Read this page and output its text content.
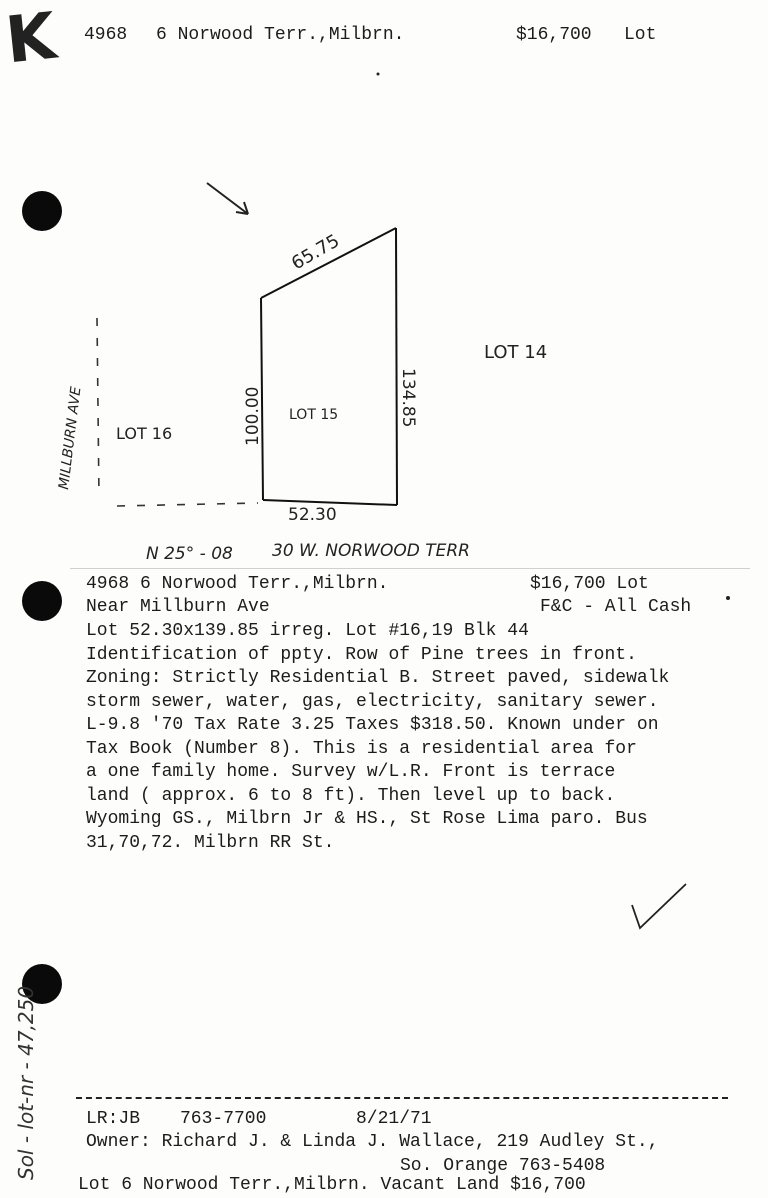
K 4968 6 Norwood Terr.,Milbrn.	$16,700 Lot
65.75
100.00	134.85
52.30
LOT 15
LOT 16
LOT 14
MILLBURN AVE
N 25° - 08 30 W. NORWOOD TERR
4968 6 Norwood Terr.,Milbrn.	$16,700 Lot
Near Millburn Ave	F&C - All Cash
Lot 52.30x139.85 irreg. Lot #16,19 Blk 44
Identification of ppty. Row of Pine trees in front.
Zoning: Strictly Residential B. Street paved, sidewalk
storm sewer, water, gas, electricity, sanitary sewer.
L-9.8 '70 Tax Rate 3.25 Taxes $318.50. Known under on
Tax Book (Number 8). This is a residential area for
a one family home. Survey w/L.R. Front is terrace
land ( approx. 6 to 8 ft). Then level up to back.
Wyoming GS., Milbrn Jr & HS., St Rose Lima paro. Bus
31,70,72. Milbrn RR St.
Sol - lot-nr - 47,250	LR:JB 763-7700	8/21/71
Owner: Richard J. & Linda J. Wallace, 219 Audley St.,
So. Orange 763-5408
Lot 6 Norwood Terr.,Milbrn. Vacant Land $16,700
